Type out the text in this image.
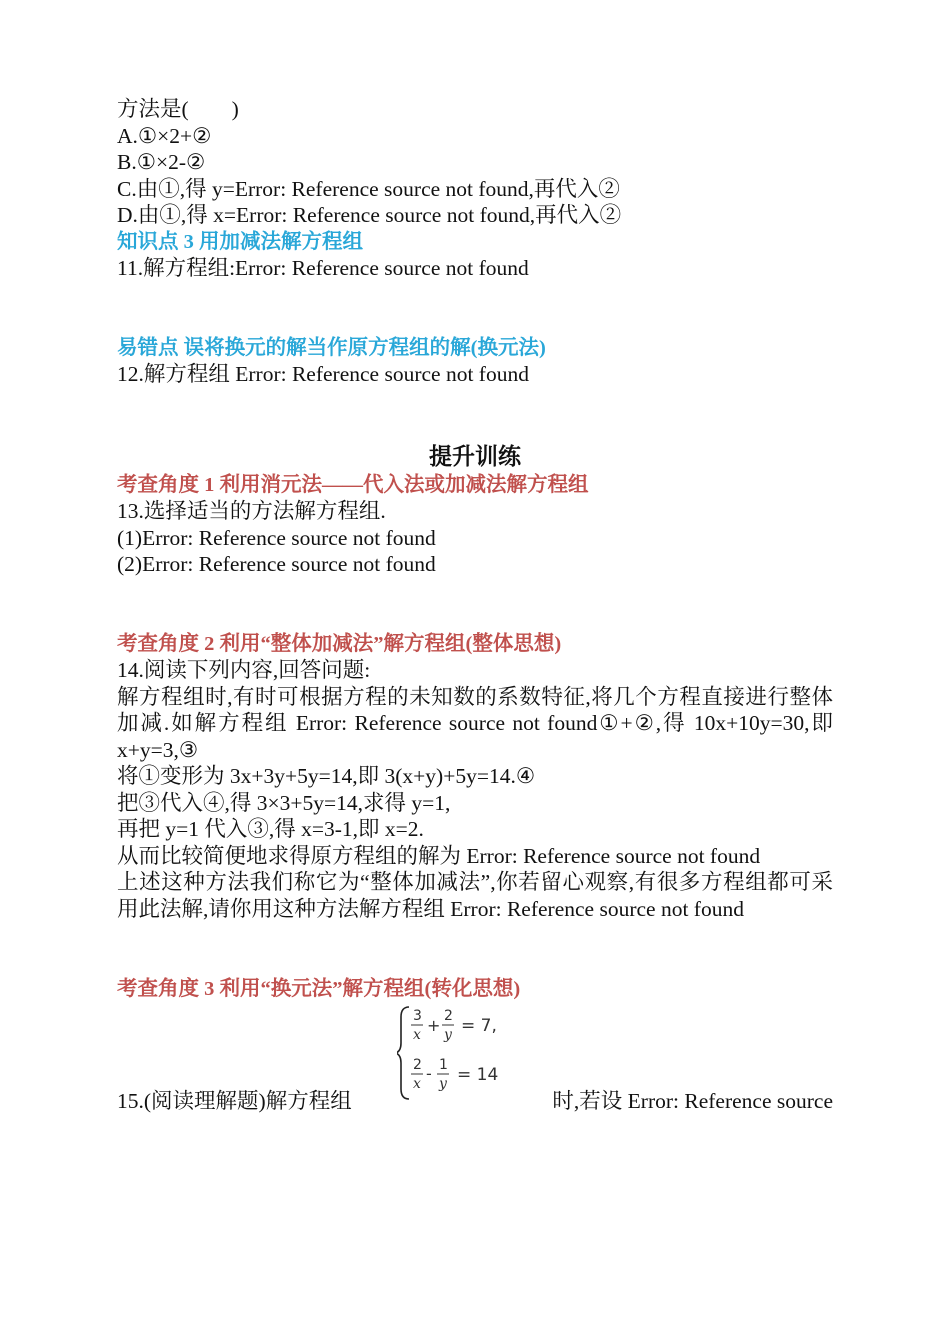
方法是(　　)
A.①×2+②
B.①×2-②
C.由①,得 y=Error: Reference source not found,再代入②
D.由①,得 x=Error: Reference source not found,再代入②
知识点 3 用加减法解方程组
11.解方程组:Error: Reference source not found
易错点 误将换元的解当作原方程组的解(换元法)
12.解方程组 Error: Reference source not found
提升训练
考查角度 1 利用消元法——代入法或加减法解方程组
13.选择适当的方法解方程组.
(1)Error: Reference source not found
(2)Error: Reference source not found
考查角度 2 利用“整体加减法”解方程组(整体思想)
14.阅读下列内容,回答问题:
解方程组时,有时可根据方程的未知数的系数特征,将几个方程直接进行整体加减.如解方程组 Error: Reference source not found①+②,得 10x+10y=30,即 x+y=3,③
将①变形为 3x+3y+5y=14,即 3(x+y)+5y=14.④
把③代入④,得 3×3+5y=14,求得 y=1,
再把 y=1 代入③,得 x=3-1,即 x=2.
从而比较简便地求得原方程组的解为 Error: Reference source not found
上述这种方法我们称它为“整体加减法”,你若留心观察,有很多方程组都可采用此法解,请你用这种方法解方程组 Error: Reference source not found
考查角度 3 利用“换元法”解方程组(转化思想)
15.(阅读理解题)解方程组
3
x + 2
y = 7,
2
x
- 1
y = 14
时,若设 Error: Reference source
